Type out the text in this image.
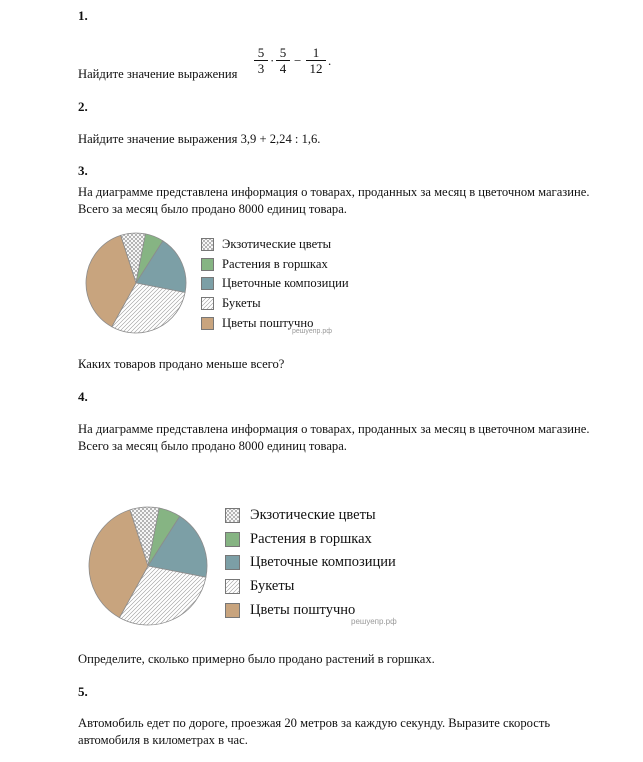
1.
Найдите значение выражения $\frac{5}{3} \cdot \frac{5}{4} - \frac{1}{12}$ .
2.
Найдите значение выражения 3,9 + 2,24 : 1,6.
3.
На диаграмме представлена информация о товарах, проданных за месяц в цветочном магазине. Всего за месяц было продано 8000 единиц товара.
Экзотические цветы
Растения в горшках
Цветочные композиции
Букеты
Цветы поштучно
решуепр.рф
Каких товаров продано меньше всего?
4.
На диаграмме представлена информация о товарах, проданных за месяц в цветочном магазине. Всего за месяц было продано 8000 единиц товара.
Экзотические цветы
Растения в горшках
Цветочные композиции
Букеты
Цветы поштучно
решуепр.рф
Определите, сколько примерно было продано растений в горшках.
5.
Автомобиль едет по дороге, проезжая 20 метров за каждую секунду. Выразите скорость автомобиля в километрах в час.
